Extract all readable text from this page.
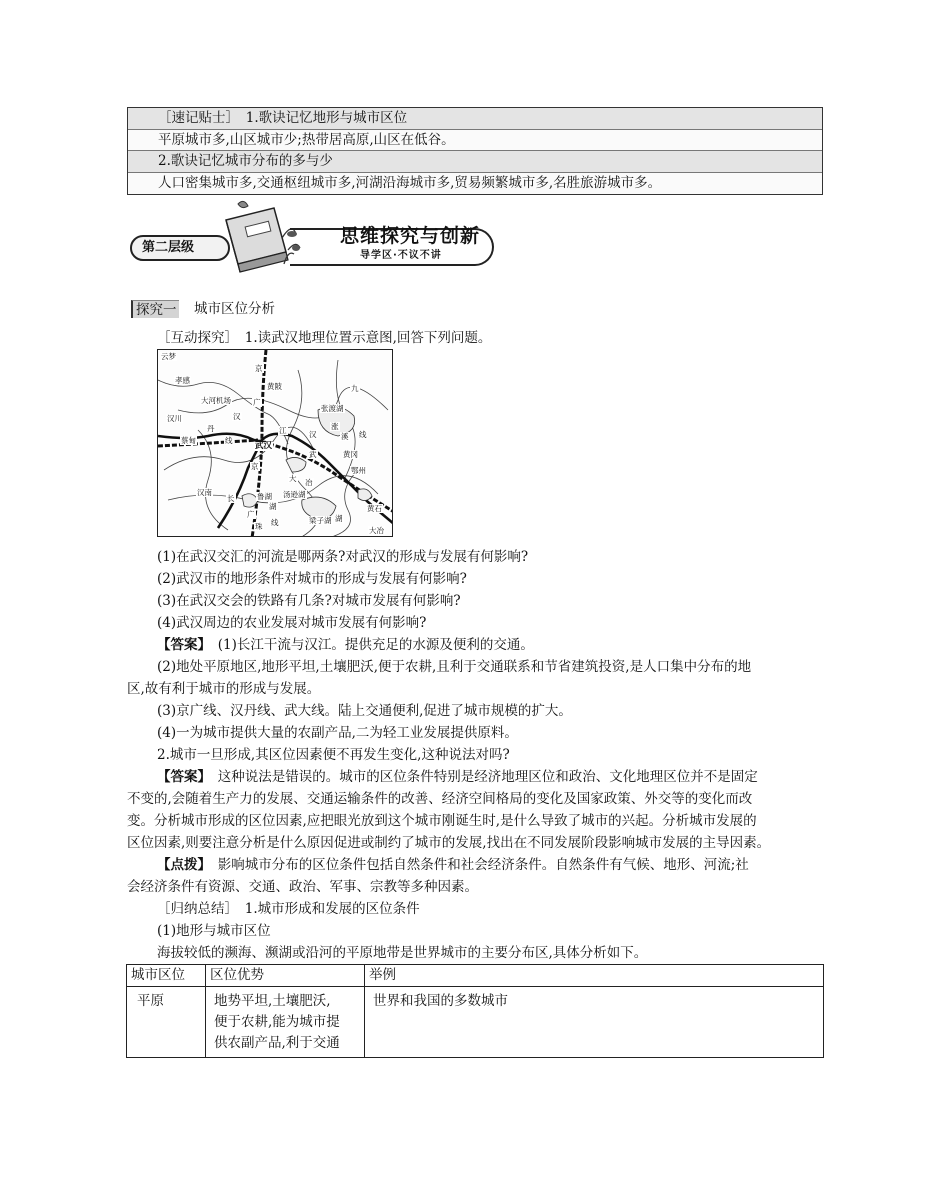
［速记贴士］　1.歌诀记忆地形与城市区位
平原城市多,山区城市少;热带居高原,山区在低谷。
2.歌诀记忆城市分布的多与少
人口密集城市多,交通枢纽城市多,河湖沿海城市多,贸易频繁城市多,名胜旅游城市多。
第二层级
思维探究与创新
导学区·不议不讲
探究一 城市区位分析
［互动探究］　1.读武汉地理位置示意图,回答下列问题。
云梦
孝感
京
黄陂
大河机场	广
张渡湖
九
汉川	汉
涨
溪
丹	江
蔡甸	线
武汉
黄冈
鄂州
汉南
京
武
大 冶
鲁湖 汤逊湖
梁子湖
黄石
大冶
长
湖
线
广
珠 线
汉
湖
(1)在武汉交汇的河流是哪两条?对武汉的形成与发展有何影响?
(2)武汉市的地形条件对城市的形成与发展有何影响?
(3)在武汉交会的铁路有几条?对城市发展有何影响?
(4)武汉周边的农业发展对城市发展有何影响?
【答案】　(1)长江干流与汉江。提供充足的水源及便利的交通。
(2)地处平原地区,地形平坦,土壤肥沃,便于农耕,且利于交通联系和节省建筑投资,是人口集中分布的地
区,故有利于城市的形成与发展。
(3)京广线、汉丹线、武大线。陆上交通便利,促进了城市规模的扩大。
(4)一为城市提供大量的农副产品,二为轻工业发展提供原料。
2.城市一旦形成,其区位因素便不再发生变化,这种说法对吗?
【答案】　这种说法是错误的。城市的区位条件特别是经济地理区位和政治、文化地理区位并不是固定
不变的,会随着生产力的发展、交通运输条件的改善、经济空间格局的变化及国家政策、外交等的变化而改
变。分析城市形成的区位因素,应把眼光放到这个城市刚诞生时,是什么导致了城市的兴起。分析城市发展的
区位因素,则要注意分析是什么原因促进或制约了城市的发展,找出在不同发展阶段影响城市发展的主导因素。
【点拨】　影响城市分布的区位条件包括自然条件和社会经济条件。自然条件有气候、地形、河流;社
会经济条件有资源、交通、政治、军事、宗教等多种因素。
［归纳总结］　1.城市形成和发展的区位条件
(1)地形与城市区位
海拔较低的濒海、濒湖或沿河的平原地带是世界城市的主要分布区,具体分析如下。
城市区位	区位优势	举例
平原	地势平坦,土壤肥沃,
便于农耕,能为城市提
供农副产品,利于交通	世界和我国的多数城市
